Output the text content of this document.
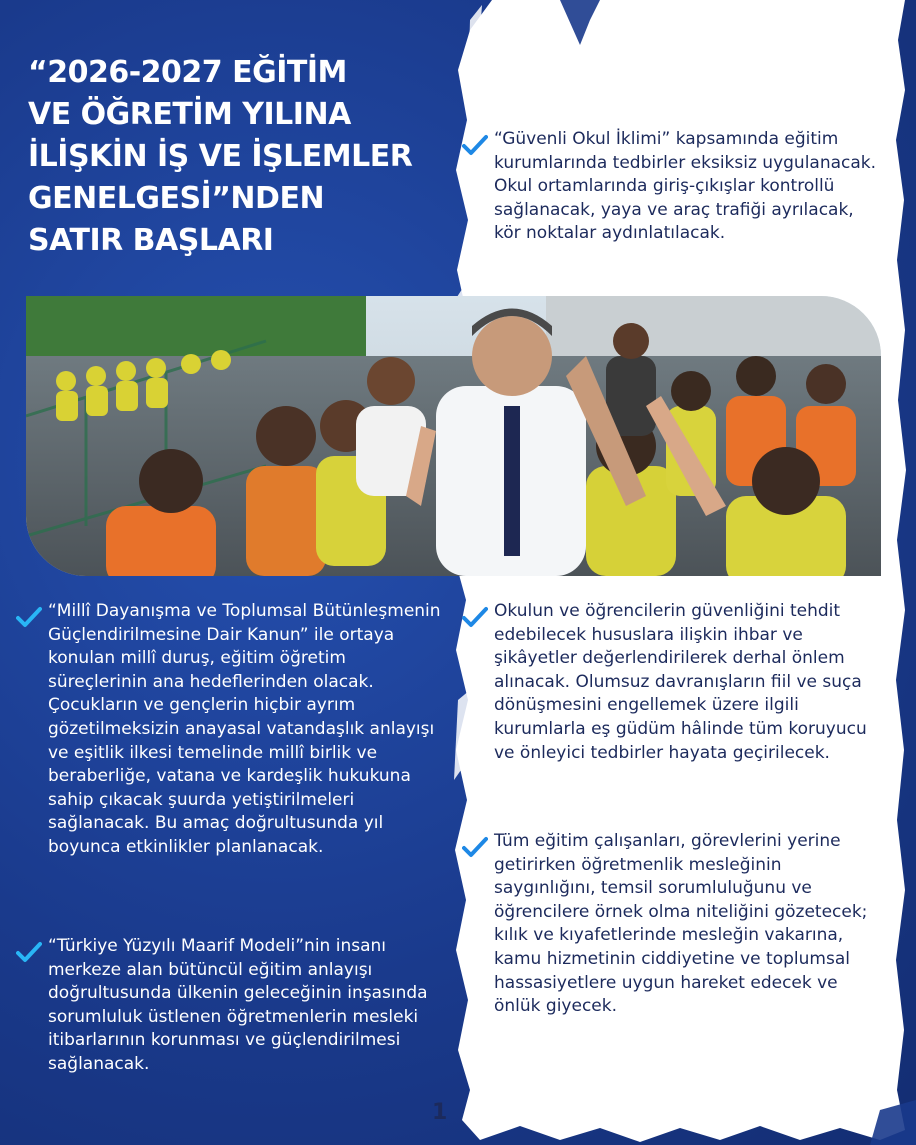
“2026-2027 EĞİTİM
VE ÖĞRETİM YILINA
İLİŞKİN İŞ VE İŞLEMLER
GENELGESİ”NDEN
SATIR BAŞLARI

“Güvenli Okul İklimi” kapsamında eğitim kurumlarında tedbirler eksiksiz uygulanacak. Okul ortamlarında giriş-çıkışlar kontrollü sağlanacak, yaya ve araç trafiği ayrılacak, kör noktalar aydınlatılacak.

“Millî Dayanışma ve Toplumsal Bütünleşmenin Güçlendirilmesine Dair Kanun” ile ortaya konulan millî duruş, eğitim öğretim süreçlerinin ana hedeflerinden olacak. Çocukların ve gençlerin hiçbir ayrım gözetilmeksizin anayasal vatandaşlık anlayışı ve eşitlik ilkesi temelinde millî birlik ve beraberliğe, vatana ve kardeşlik hukukuna sahip çıkacak şuurda yetiştirilmeleri sağlanacak. Bu amaç doğrultusunda yıl boyunca etkinlikler planlanacak.

“Türkiye Yüzyılı Maarif Modeli”nin insanı merkeze alan bütüncül eğitim anlayışı doğrultusunda ülkenin geleceğinin inşasında sorumluluk üstlenen öğretmenlerin mesleki itibarlarının korunması ve güçlendirilmesi sağlanacak.

Okulun ve öğrencilerin güvenliğini tehdit edebilecek hususlara ilişkin ihbar ve şikâyetler değerlendirilerek derhal önlem alınacak. Olumsuz davranışların fiil ve suça dönüşmesini engellemek üzere ilgili kurumlarla eş güdüm hâlinde tüm koruyucu ve önleyici tedbirler hayata geçirilecek.

Tüm eğitim çalışanları, görevlerini yerine getirirken öğretmenlik mesleğinin saygınlığını, temsil sorumluluğunu ve öğrencilere örnek olma niteliğini gözetecek; kılık ve kıyafetlerinde mesleğin vakarına, kamu hizmetinin ciddiyetine ve toplumsal hassasiyetlere uygun hareket edecek ve önlük giyecek.

1
